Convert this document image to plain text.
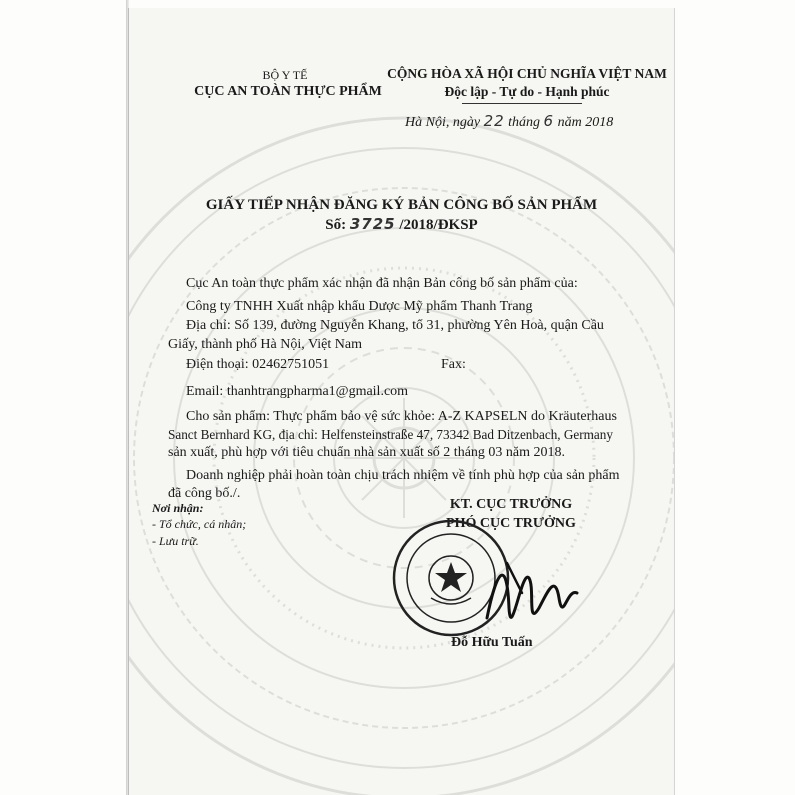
BỘ Y TẾ
CỤC AN TOÀN THỰC PHẨM
CỘNG HÒA XÃ HỘI CHỦ NGHĨA VIỆT NAM
Độc lập - Tự do - Hạnh phúc
Hà Nội, ngày 22 tháng 6 năm 2018
GIẤY TIẾP NHẬN ĐĂNG KÝ BẢN CÔNG BỐ SẢN PHẨM
Số: 3725 /2018/ĐKSP
Cục An toàn thực phẩm xác nhận đã nhận Bản công bố sản phẩm của:
Công ty TNHH Xuất nhập khẩu Dược Mỹ phẩm Thanh Trang
Địa chỉ: Số 139, đường Nguyễn Khang, tổ 31, phường Yên Hoà, quận Cầu
Giấy, thành phố Hà Nội, Việt Nam
Điện thoại: 02462751051	Fax:
Email: thanhtrangpharma1@gmail.com
Cho sản phẩm: Thực phẩm bảo vệ sức khỏe: A-Z KAPSELN do Kräuterhaus
Sanct Bernhard KG, địa chỉ: Helfensteinstraße 47, 73342 Bad Ditzenbach, Germany
sản xuất, phù hợp với tiêu chuẩn nhà sản xuất số 2 tháng 03 năm 2018.
Doanh nghiệp phải hoàn toàn chịu trách nhiệm về tính phù hợp của sản phẩm
đã công bố./.
Nơi nhận:
- Tổ chức, cá nhân;
- Lưu trữ.
KT. CỤC TRƯỞNG
PHÓ CỤC TRƯỞNG
Đỗ Hữu Tuấn
